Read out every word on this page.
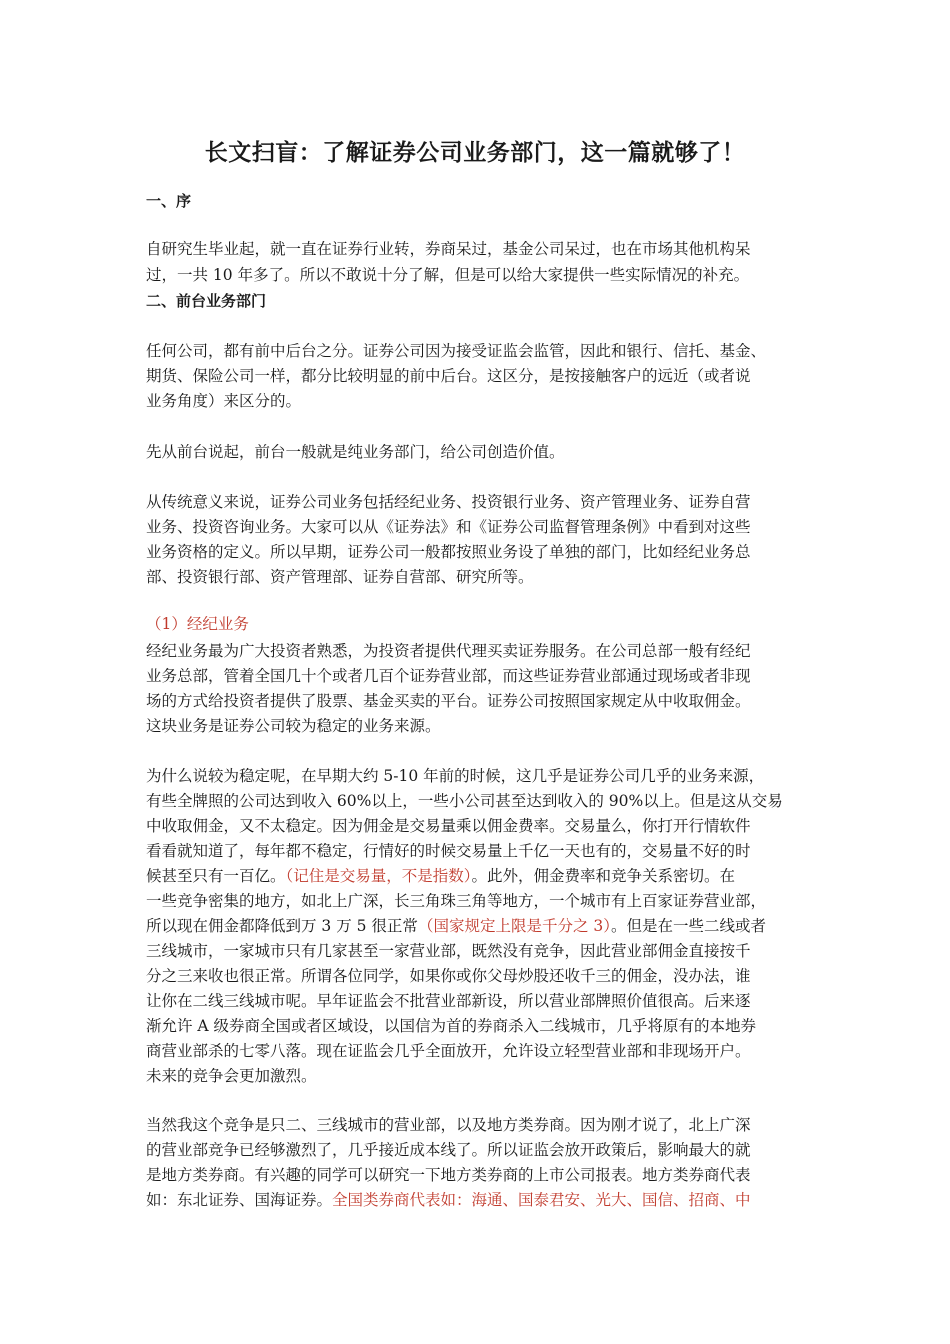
长文扫盲：了解证券公司业务部门，这一篇就够了！
一、序
自研究生毕业起，就一直在证券行业转，券商呆过，基金公司呆过，也在市场其他机构呆
过，一共 10 年多了。所以不敢说十分了解，但是可以给大家提供一些实际情况的补充。
二、前台业务部门
任何公司，都有前中后台之分。证券公司因为接受证监会监管，因此和银行、信托、基金、
期货、保险公司一样，都分比较明显的前中后台。这区分，是按接触客户的远近（或者说
业务角度）来区分的。
先从前台说起，前台一般就是纯业务部门，给公司创造价值。
从传统意义来说，证券公司业务包括经纪业务、投资银行业务、资产管理业务、证券自营
业务、投资咨询业务。大家可以从《证券法》和《证券公司监督管理条例》中看到对这些
业务资格的定义。所以早期，证券公司一般都按照业务设了单独的部门，比如经纪业务总
部、投资银行部、资产管理部、证券自营部、研究所等。
（1）经纪业务
经纪业务最为广大投资者熟悉，为投资者提供代理买卖证券服务。在公司总部一般有经纪
业务总部，管着全国几十个或者几百个证券营业部，而这些证券营业部通过现场或者非现
场的方式给投资者提供了股票、基金买卖的平台。证券公司按照国家规定从中收取佣金。
这块业务是证券公司较为稳定的业务来源。
为什么说较为稳定呢，在早期大约 5-10 年前的时候，这几乎是证券公司几乎的业务来源，
有些全牌照的公司达到收入 60%以上，一些小公司甚至达到收入的 90%以上。但是这从交易
中收取佣金，又不太稳定。因为佣金是交易量乘以佣金费率。交易量么，你打开行情软件
看看就知道了，每年都不稳定，行情好的时候交易量上千亿一天也有的，交易量不好的时
候甚至只有一百亿。（记住是交易量，不是指数）。此外，佣金费率和竞争关系密切。在
一些竞争密集的地方，如北上广深，长三角珠三角等地方，一个城市有上百家证券营业部，
所以现在佣金都降低到万 3 万 5 很正常（国家规定上限是千分之 3）。但是在一些二线或者
三线城市，一家城市只有几家甚至一家营业部，既然没有竞争，因此营业部佣金直接按千
分之三来收也很正常。所谓各位同学，如果你或你父母炒股还收千三的佣金，没办法，谁
让你在二线三线城市呢。早年证监会不批营业部新设，所以营业部牌照价值很高。后来逐
渐允许 A 级券商全国或者区域设，以国信为首的券商杀入二线城市，几乎将原有的本地券
商营业部杀的七零八落。现在证监会几乎全面放开，允许设立轻型营业部和非现场开户。
未来的竞争会更加激烈。
当然我这个竞争是只二、三线城市的营业部，以及地方类券商。因为刚才说了，北上广深
的营业部竞争已经够激烈了，几乎接近成本线了。所以证监会放开政策后，影响最大的就
是地方类券商。有兴趣的同学可以研究一下地方类券商的上市公司报表。地方类券商代表
如：东北证券、国海证券。全国类券商代表如：海通、国泰君安、光大、国信、招商、中
